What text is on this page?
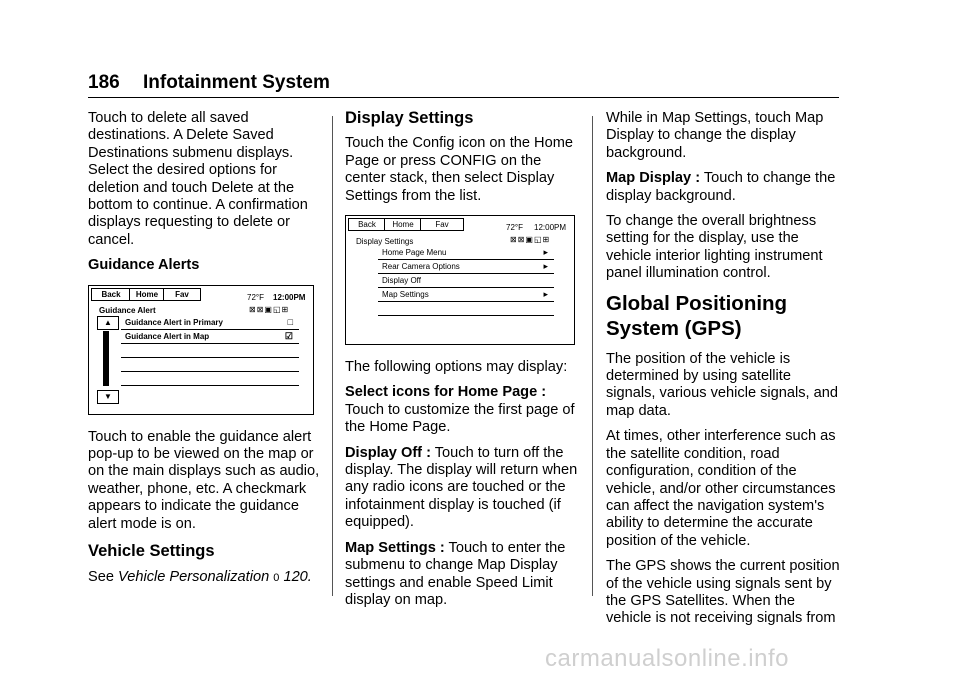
186 Infotainment System

Touch to delete all saved destinations. A Delete Saved Destinations submenu displays. Select the desired options for deletion and touch Delete at the bottom to continue. A confirmation displays requesting to delete or cancel.

Guidance Alerts

Back	Home	Fav	72°F 12:00PM
Guidance Alert	⊠⊠▣◱⊞
▲
▼
Guidance Alert in Primary	□
Guidance Alert in Map	☑

Touch to enable the guidance alert pop-up to be viewed on the map or on the main displays such as audio, weather, phone, etc. A checkmark appears to indicate the guidance alert mode is on.

Vehicle Settings

See Vehicle Personalization 0 120.

Display Settings

Touch the Config icon on the Home Page or press CONFIG on the center stack, then select Display Settings from the list.

Back	Home	Fav	72°F 12:00PM
Display Settings	⊠⊠▣◱⊞
Home Page Menu	▸
Rear Camera Options	▸
Display Off
Map Settings	▸

The following options may display:

Select icons for Home Page : Touch to customize the first page of the Home Page.

Display Off : Touch to turn off the display. The display will return when any radio icons are touched or the infotainment display is touched (if equipped).

Map Settings : Touch to enter the submenu to change Map Display settings and enable Speed Limit display on map.

While in Map Settings, touch Map Display to change the display background.

Map Display : Touch to change the display background.

To change the overall brightness setting for the display, use the vehicle interior lighting instrument panel illumination control.

Global Positioning System (GPS)

The position of the vehicle is determined by using satellite signals, various vehicle signals, and map data.

At times, other interference such as the satellite condition, road configuration, condition of the vehicle, and/or other circumstances can affect the navigation system's ability to determine the accurate position of the vehicle.

The GPS shows the current position of the vehicle using signals sent by the GPS Satellites. When the vehicle is not receiving signals from

carmanualsonline.info
